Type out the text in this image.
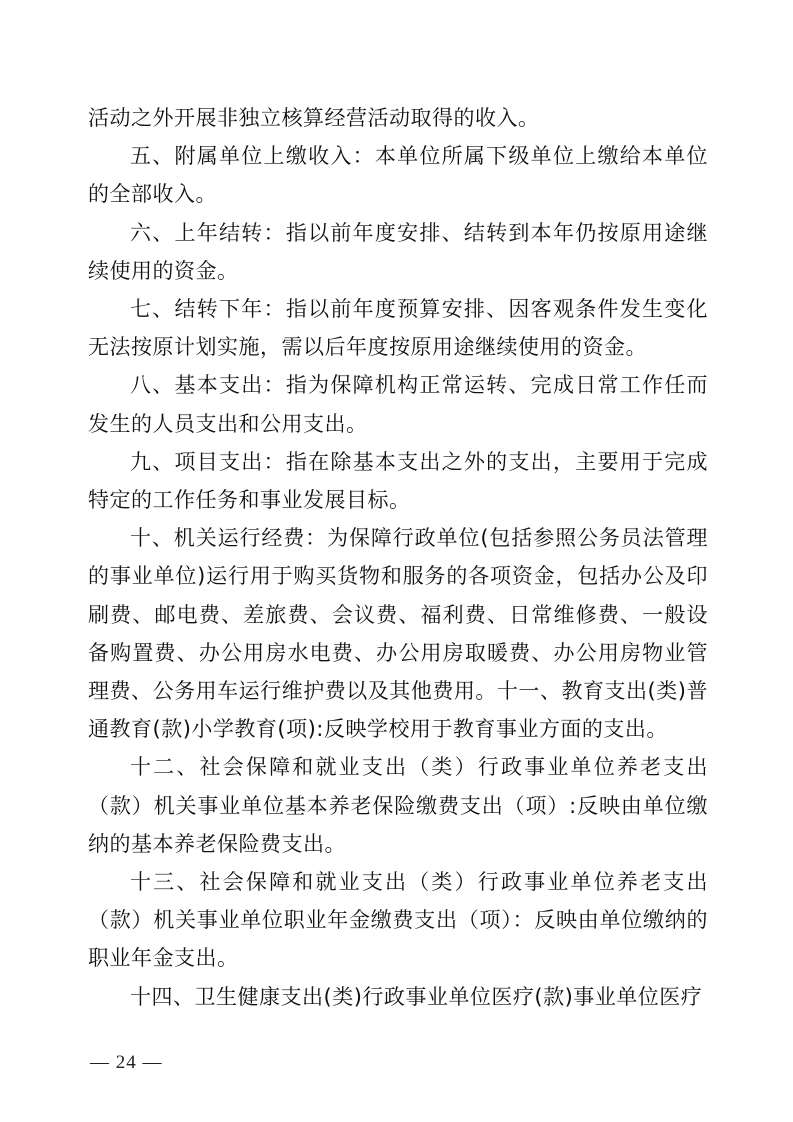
活动之外开展非独立核算经营活动取得的收入。

五、附属单位上缴收入：本单位所属下级单位上缴给本单位的全部收入。

六、上年结转：指以前年度安排、结转到本年仍按原用途继续使用的资金。

七、结转下年：指以前年度预算安排、因客观条件发生变化无法按原计划实施，需以后年度按原用途继续使用的资金。

八、基本支出：指为保障机构正常运转、完成日常工作任而发生的人员支出和公用支出。

九、项目支出：指在除基本支出之外的支出，主要用于完成特定的工作任务和事业发展目标。

十、机关运行经费：为保障行政单位(包括参照公务员法管理的事业单位)运行用于购买货物和服务的各项资金，包括办公及印刷费、邮电费、差旅费、会议费、福利费、日常维修费、一般设备购置费、办公用房水电费、办公用房取暖费、办公用房物业管理费、公务用车运行维护费以及其他费用。十一、教育支出(类)普通教育(款)小学教育(项):反映学校用于教育事业方面的支出。

十二、社会保障和就业支出（类）行政事业单位养老支出（款）机关事业单位基本养老保险缴费支出（项）:反映由单位缴纳的基本养老保险费支出。

十三、社会保障和就业支出（类）行政事业单位养老支出（款）机关事业单位职业年金缴费支出（项）：反映由单位缴纳的职业年金支出。

十四、卫生健康支出(类)行政事业单位医疗(款)事业单位医疗

— 24 —
